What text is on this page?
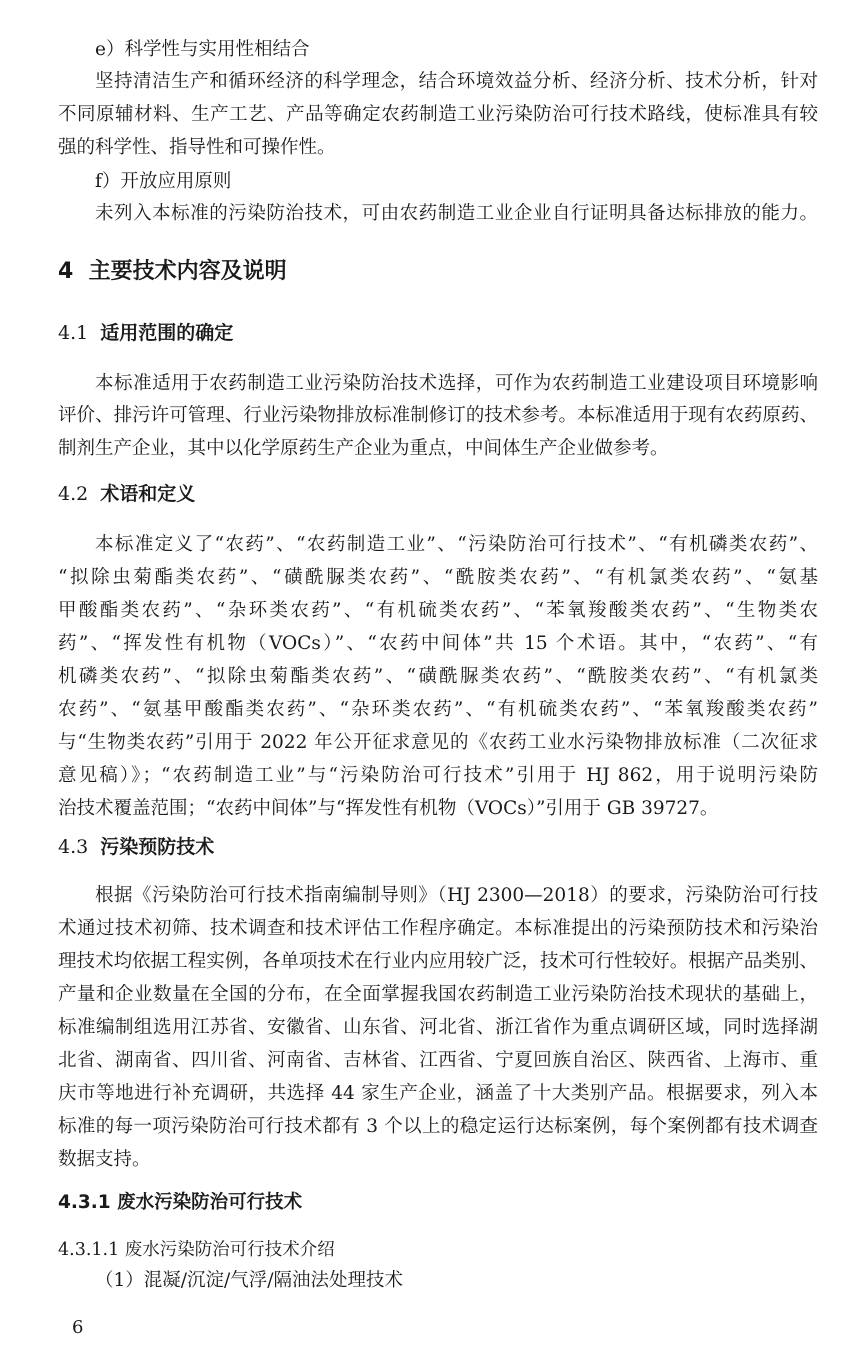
e）科学性与实用性相结合
坚持清洁生产和循环经济的科学理念，结合环境效益分析、经济分析、技术分析，针对
不同原辅材料、生产工艺、产品等确定农药制造工业污染防治可行技术路线，使标准具有较
强的科学性、指导性和可操作性。
f）开放应用原则
未列入本标准的污染防治技术，可由农药制造工业企业自行证明具备达标排放的能力。
4 主要技术内容及说明
4.1 适用范围的确定
本标准适用于农药制造工业污染防治技术选择，可作为农药制造工业建设项目环境影响
评价、排污许可管理、行业污染物排放标准制修订的技术参考。本标准适用于现有农药原药、
制剂生产企业，其中以化学原药生产企业为重点，中间体生产企业做参考。
4.2 术语和定义
本标准定义了“农药”、“农药制造工业”、“污染防治可行技术”、“有机磷类农药”、
“拟除虫菊酯类农药”、“磺酰脲类农药”、“酰胺类农药”、“有机氯类农药”、“氨基
甲酸酯类农药”、“杂环类农药”、“有机硫类农药”、“苯氧羧酸类农药”、“生物类农
药”、“挥发性有机物（VOCs）”、“农药中间体”共 15 个术语。其中，“农药”、“有
机磷类农药”、“拟除虫菊酯类农药”、“磺酰脲类农药”、“酰胺类农药”、“有机氯类
农药”、“氨基甲酸酯类农药”、“杂环类农药”、“有机硫类农药”、“苯氧羧酸类农药”
与“生物类农药”引用于 2022 年公开征求意见的《农药工业水污染物排放标准（二次征求
意见稿）》；“农药制造工业”与“污染防治可行技术”引用于 HJ 862，用于说明污染防
治技术覆盖范围；“农药中间体”与“挥发性有机物（VOCs）”引用于 GB 39727。
4.3 污染预防技术
根据《污染防治可行技术指南编制导则》（HJ 2300—2018）的要求，污染防治可行技
术通过技术初筛、技术调查和技术评估工作程序确定。本标准提出的污染预防技术和污染治
理技术均依据工程实例，各单项技术在行业内应用较广泛，技术可行性较好。根据产品类别、
产量和企业数量在全国的分布，在全面掌握我国农药制造工业污染防治技术现状的基础上，
标准编制组选用江苏省、安徽省、山东省、河北省、浙江省作为重点调研区域，同时选择湖
北省、湖南省、四川省、河南省、吉林省、江西省、宁夏回族自治区、陕西省、上海市、重
庆市等地进行补充调研，共选择 44 家生产企业，涵盖了十大类别产品。根据要求，列入本
标准的每一项污染防治可行技术都有 3 个以上的稳定运行达标案例，每个案例都有技术调查
数据支持。
4.3.1 废水污染防治可行技术
4.3.1.1 废水污染防治可行技术介绍
（1）混凝/沉淀/气浮/隔油法处理技术
6
